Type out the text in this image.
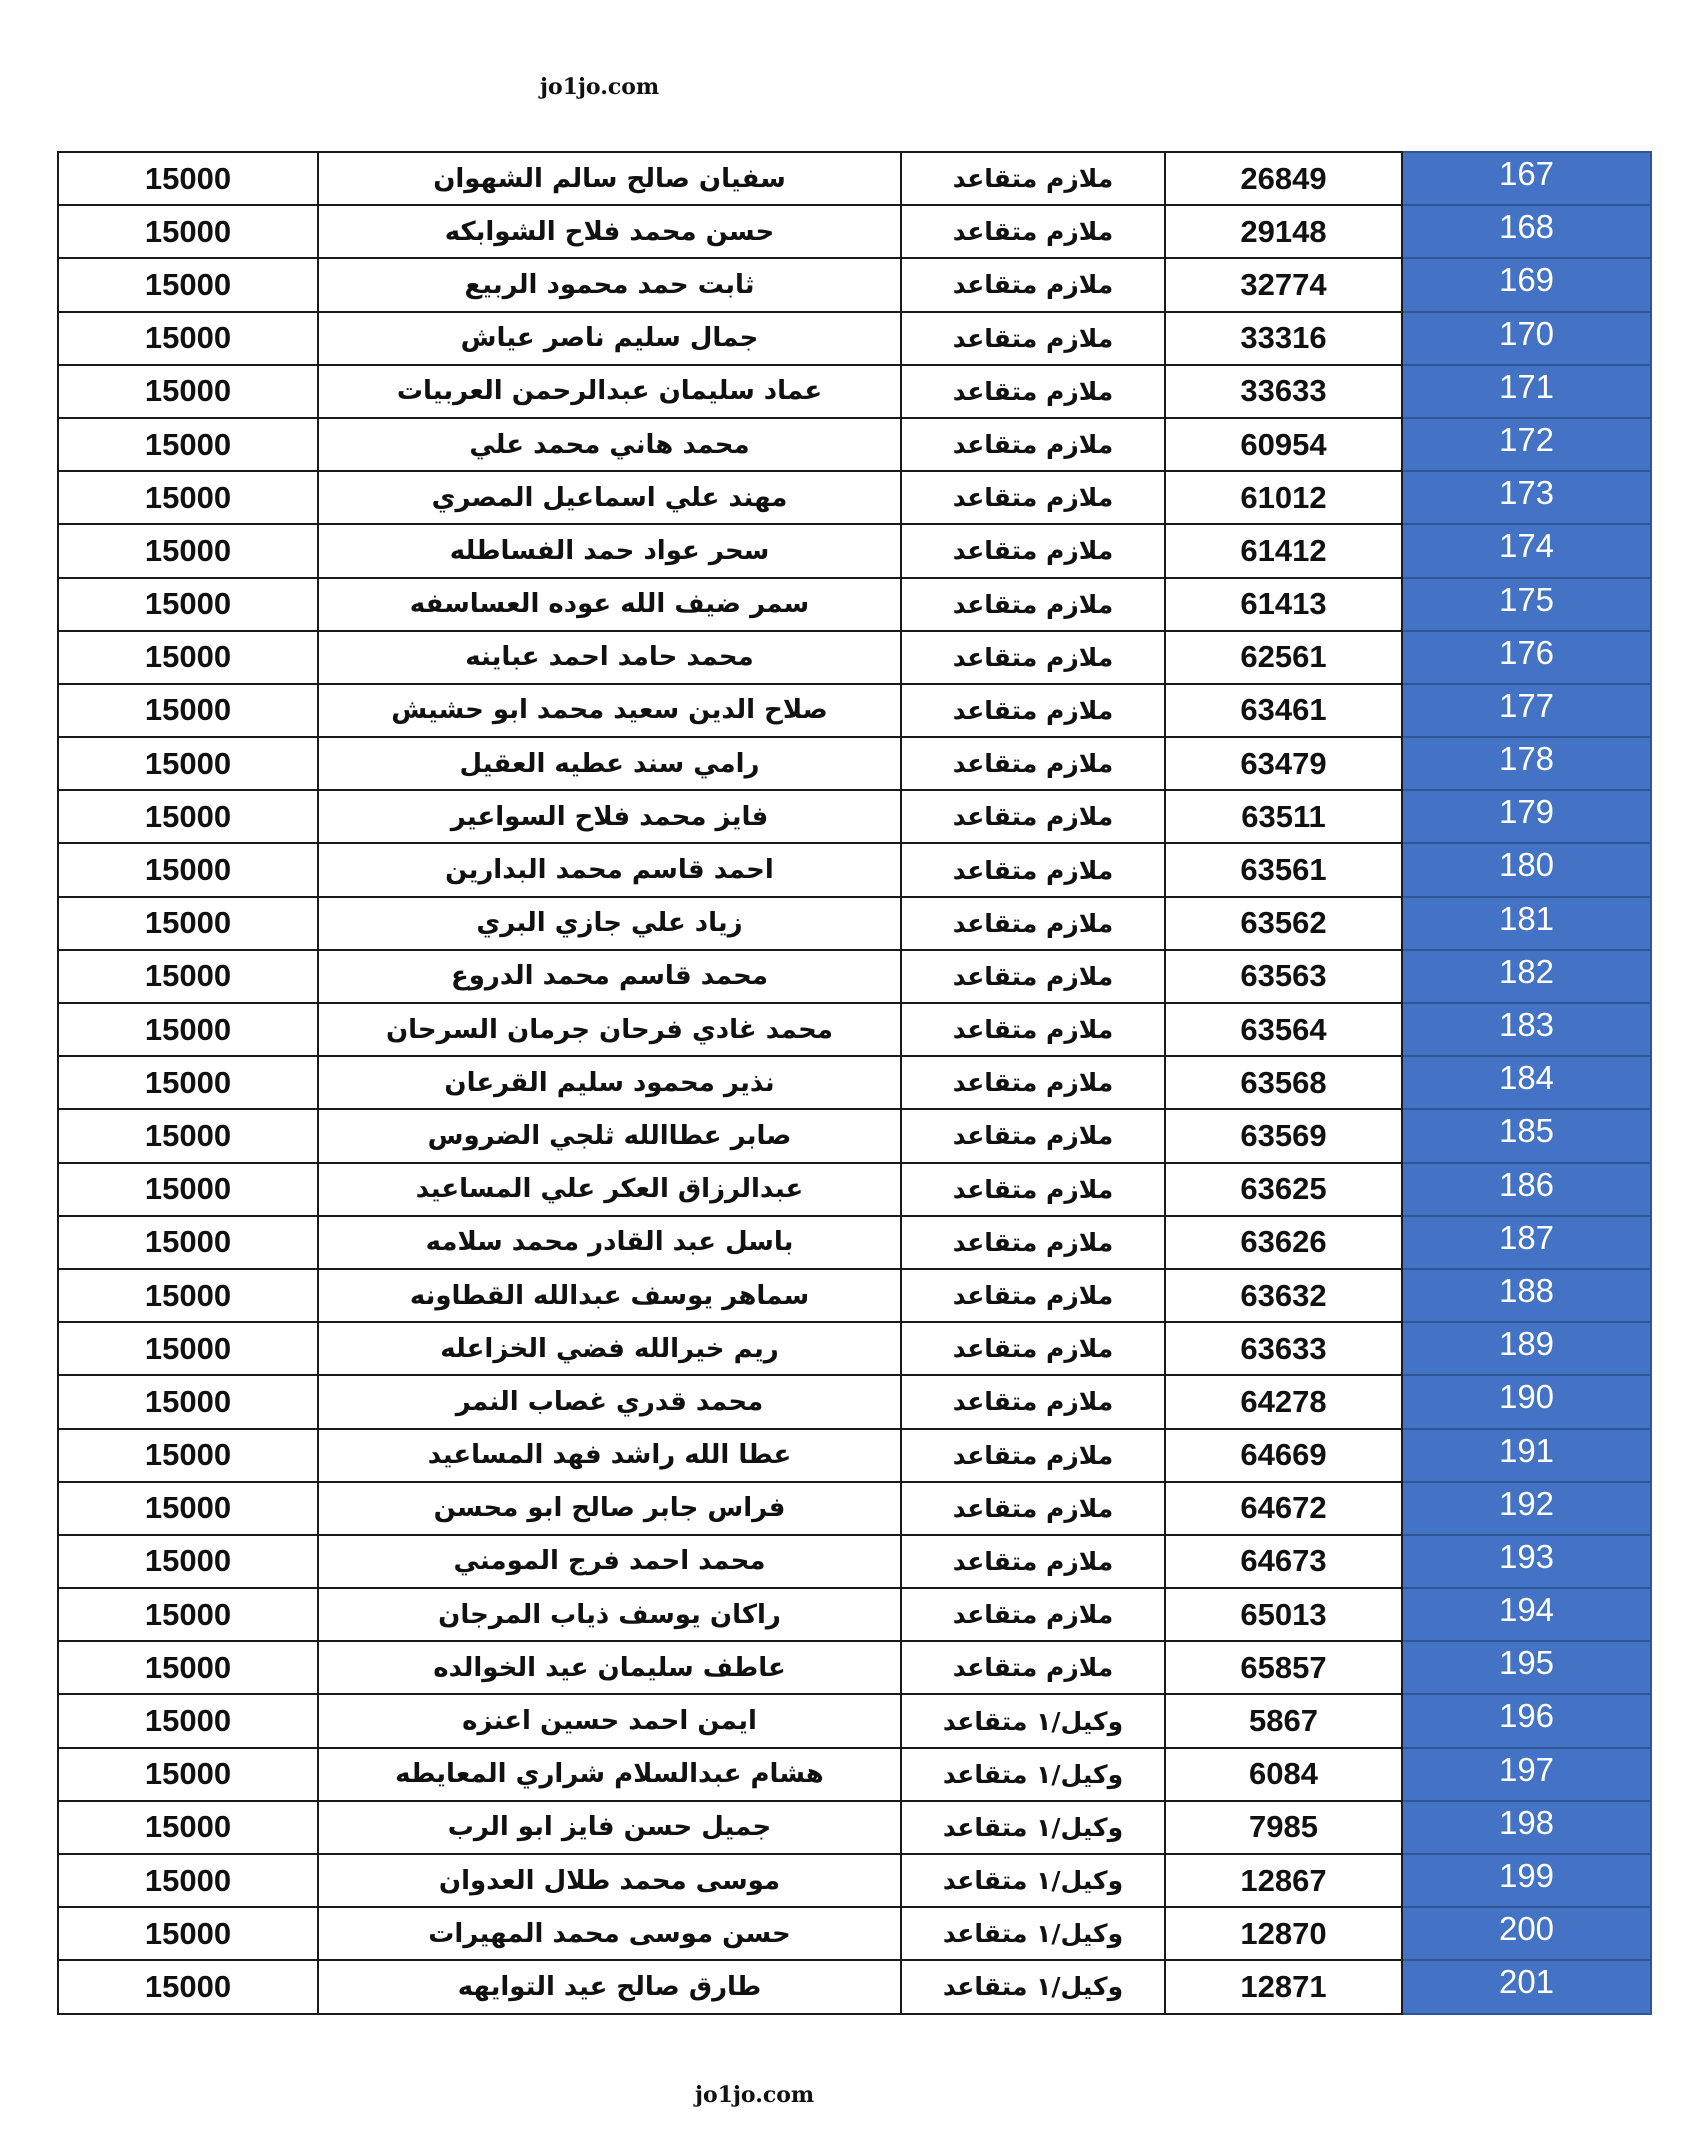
jo1jo.com
15000	سفيان صالح سالم الشهوان	ملازم متقاعد	26849	167
15000	حسن محمد فلاح الشوابكه	ملازم متقاعد	29148	168
15000	ثابت حمد محمود الربيع	ملازم متقاعد	32774	169
15000	جمال سليم ناصر عياش	ملازم متقاعد	33316	170
15000	عماد سليمان عبدالرحمن العربيات	ملازم متقاعد	33633	171
15000	محمد هاني محمد علي	ملازم متقاعد	60954	172
15000	مهند علي اسماعيل المصري	ملازم متقاعد	61012	173
15000	سحر عواد حمد الفساطله	ملازم متقاعد	61412	174
15000	سمر ضيف الله عوده العساسفه	ملازم متقاعد	61413	175
15000	محمد حامد احمد عباينه	ملازم متقاعد	62561	176
15000	صلاح الدين سعيد محمد ابو حشيش	ملازم متقاعد	63461	177
15000	رامي سند عطيه العقيل	ملازم متقاعد	63479	178
15000	فايز محمد فلاح السواعير	ملازم متقاعد	63511	179
15000	احمد قاسم محمد البدارين	ملازم متقاعد	63561	180
15000	زياد علي جازي البري	ملازم متقاعد	63562	181
15000	محمد قاسم محمد الدروع	ملازم متقاعد	63563	182
15000	محمد غادي فرحان جرمان السرحان	ملازم متقاعد	63564	183
15000	نذير محمود سليم القرعان	ملازم متقاعد	63568	184
15000	صابر عطاالله ثلجي الضروس	ملازم متقاعد	63569	185
15000	عبدالرزاق العكر علي المساعيد	ملازم متقاعد	63625	186
15000	باسل عبد القادر محمد سلامه	ملازم متقاعد	63626	187
15000	سماهر يوسف عبدالله القطاونه	ملازم متقاعد	63632	188
15000	ريم خيرالله فضي الخزاعله	ملازم متقاعد	63633	189
15000	محمد قدري غصاب النمر	ملازم متقاعد	64278	190
15000	عطا الله راشد فهد المساعيد	ملازم متقاعد	64669	191
15000	فراس جابر صالح ابو محسن	ملازم متقاعد	64672	192
15000	محمد احمد فرج المومني	ملازم متقاعد	64673	193
15000	راكان يوسف ذياب المرجان	ملازم متقاعد	65013	194
15000	عاطف سليمان عيد الخوالده	ملازم متقاعد	65857	195
15000	ايمن احمد حسين اعنزه	وكيل/١ متقاعد	5867	196
15000	هشام عبدالسلام شراري المعايطه	وكيل/١ متقاعد	6084	197
15000	جميل حسن فايز ابو الرب	وكيل/١ متقاعد	7985	198
15000	موسى محمد طلال العدوان	وكيل/١ متقاعد	12867	199
15000	حسن موسى محمد المهيرات	وكيل/١ متقاعد	12870	200
15000	طارق صالح عيد التوايهه	وكيل/١ متقاعد	12871	201
jo1jo.com
